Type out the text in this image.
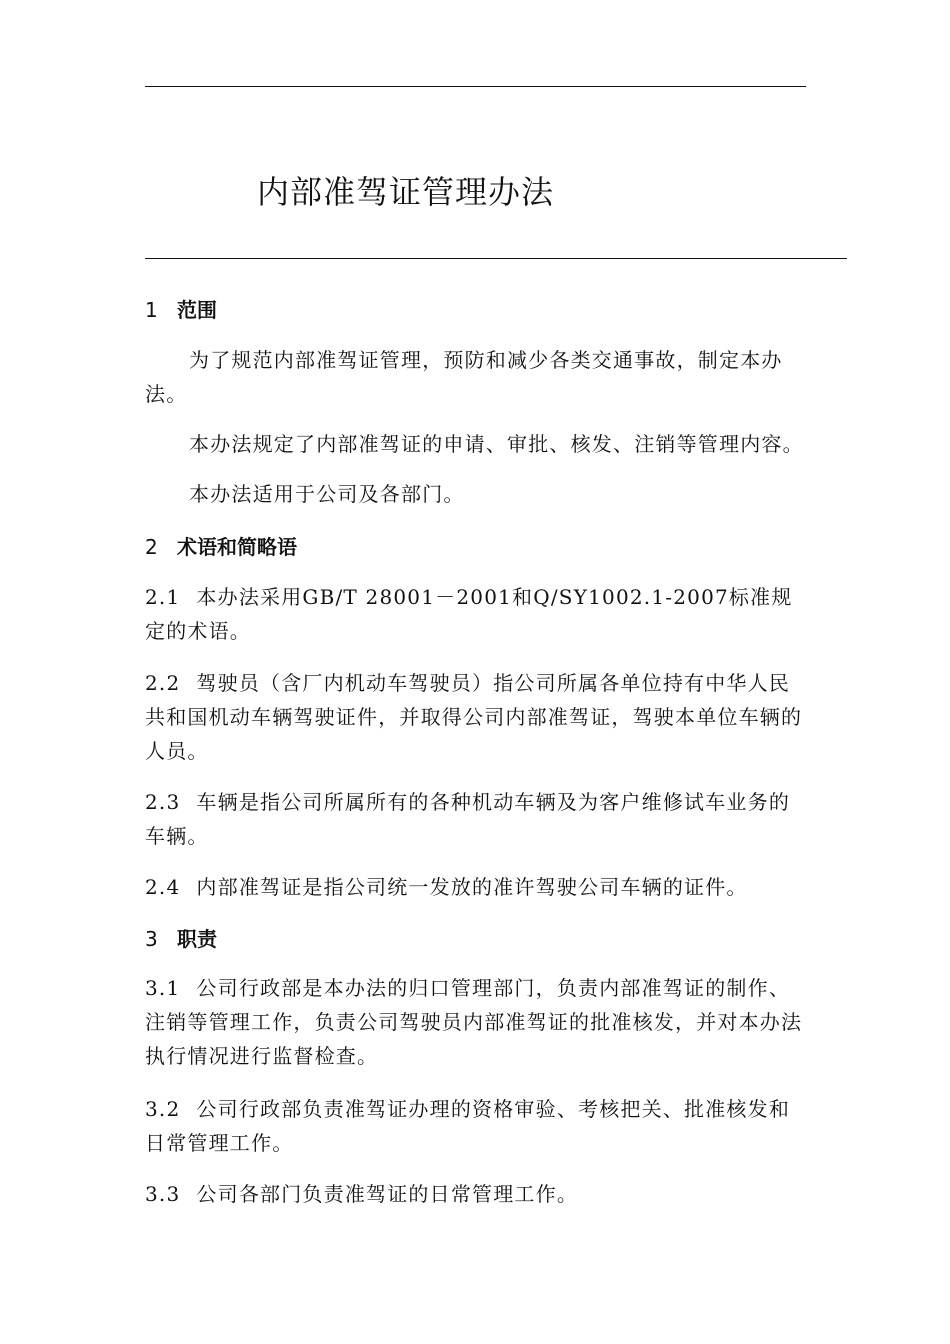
内部准驾证管理办法
1 范围

为了规范内部准驾证管理，预防和减少各类交通事故，制定本办法。

本办法规定了内部准驾证的申请、审批、核发、注销等管理内容。

本办法适用于公司及各部门。

2 术语和简略语

2.1 本办法采用GB/T 28001－2001和Q/SY1002.1-2007标准规定的术语。

2.2 驾驶员（含厂内机动车驾驶员）指公司所属各单位持有中华人民共和国机动车辆驾驶证件，并取得公司内部准驾证，驾驶本单位车辆的人员。

2.3 车辆是指公司所属所有的各种机动车辆及为客户维修试车业务的车辆。

2.4 内部准驾证是指公司统一发放的准许驾驶公司车辆的证件。

3 职责

3.1 公司行政部是本办法的归口管理部门，负责内部准驾证的制作、注销等管理工作，负责公司驾驶员内部准驾证的批准核发，并对本办法执行情况进行监督检查。

3.2 公司行政部负责准驾证办理的资格审验、考核把关、批准核发和日常管理工作。

3.3 公司各部门负责准驾证的日常管理工作。
